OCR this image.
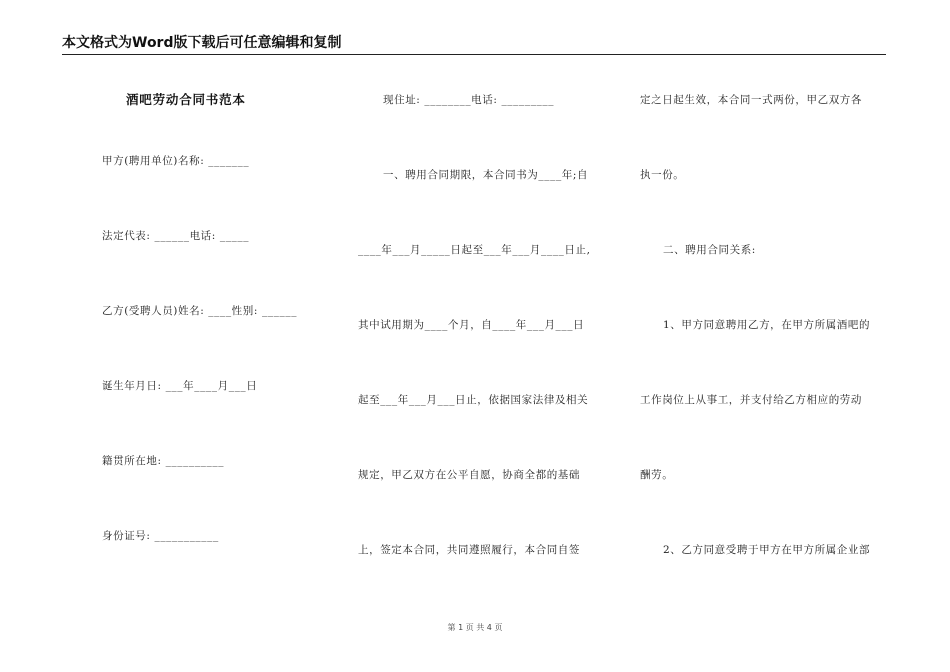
本文格式为Word版下载后可任意编辑和复制
酒吧劳动合同书范本
甲方(聘用单位)名称: _______
法定代表: ______电话: _____
乙方(受聘人员)姓名: ____性别: ______
诞生年月日: ___年____月___日
籍贯所在地: __________
身份证号: ___________
现住址: ________电话: _________
一、聘用合同期限，本合同书为____年;自
____年___月_____日起至___年___月____日止,
其中试用期为____个月，自____年___月___日
起至___年___月___日止，依据国家法律及相关
规定，甲乙双方在公平自愿，协商全都的基础
上，签定本合同，共同遵照履行，本合同自签
定之日起生效，本合同一式两份，甲乙双方各
执一份。
二、聘用合同关系:
1、甲方同意聘用乙方，在甲方所属酒吧的
工作岗位上从事工，并支付给乙方相应的劳动
酬劳。
2、乙方同意受聘于甲方在甲方所属企业部
第 1 页 共 4 页
